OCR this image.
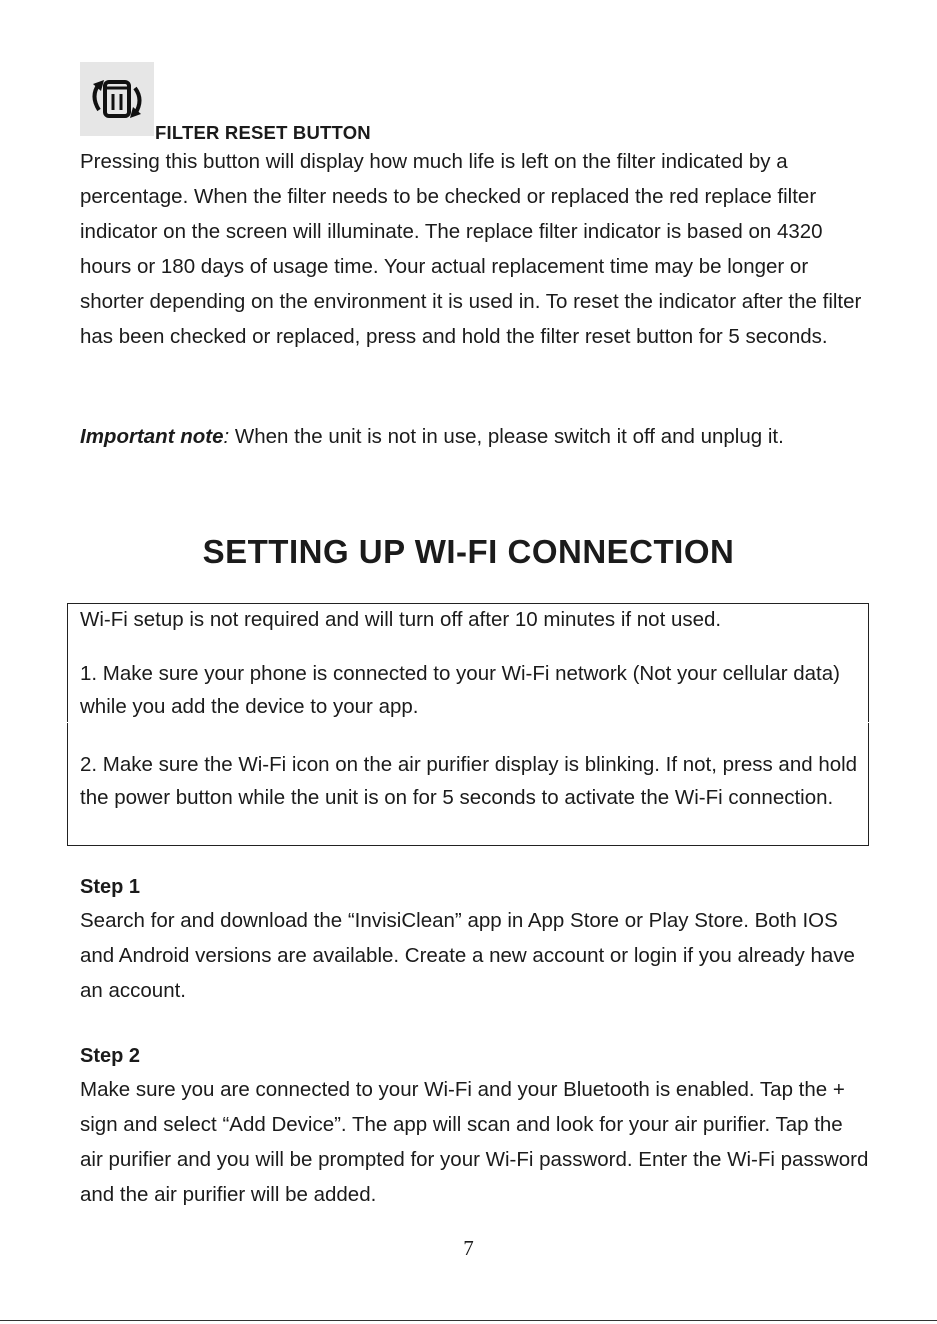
FILTER RESET BUTTON

Pressing this button will display how much life is left on the filter indicated by a percentage. When the filter needs to be checked or replaced the red replace filter indicator on the screen will illuminate. The replace filter indicator is based on 4320 hours or 180 days of usage time. Your actual replacement time may be longer or shorter depending on the environment it is used in. To reset the indicator after the filter has been checked or replaced, press and hold the filter reset button for 5 seconds.

Important note: When the unit is not in use, please switch it off and unplug it.

SETTING UP WI-FI CONNECTION

Wi-Fi setup is not required and will turn off after 10 minutes if not used.

1. Make sure your phone is connected to your Wi-Fi network (Not your cellular data) while you add the device to your app.

2. Make sure the Wi-Fi icon on the air purifier display is blinking. If not, press and hold the power button while the unit is on for 5 seconds to activate the Wi-Fi connection.

Step 1

Search for and download the “InvisiClean” app in App Store or Play Store. Both IOS and Android versions are available. Create a new account or login if you already have an account.

Step 2

Make sure you are connected to your Wi-Fi and your Bluetooth is enabled. Tap the + sign and select “Add Device”. The app will scan and look for your air purifier. Tap the air purifier and you will be prompted for your Wi-Fi password. Enter the Wi-Fi password and the air purifier will be added.

7
